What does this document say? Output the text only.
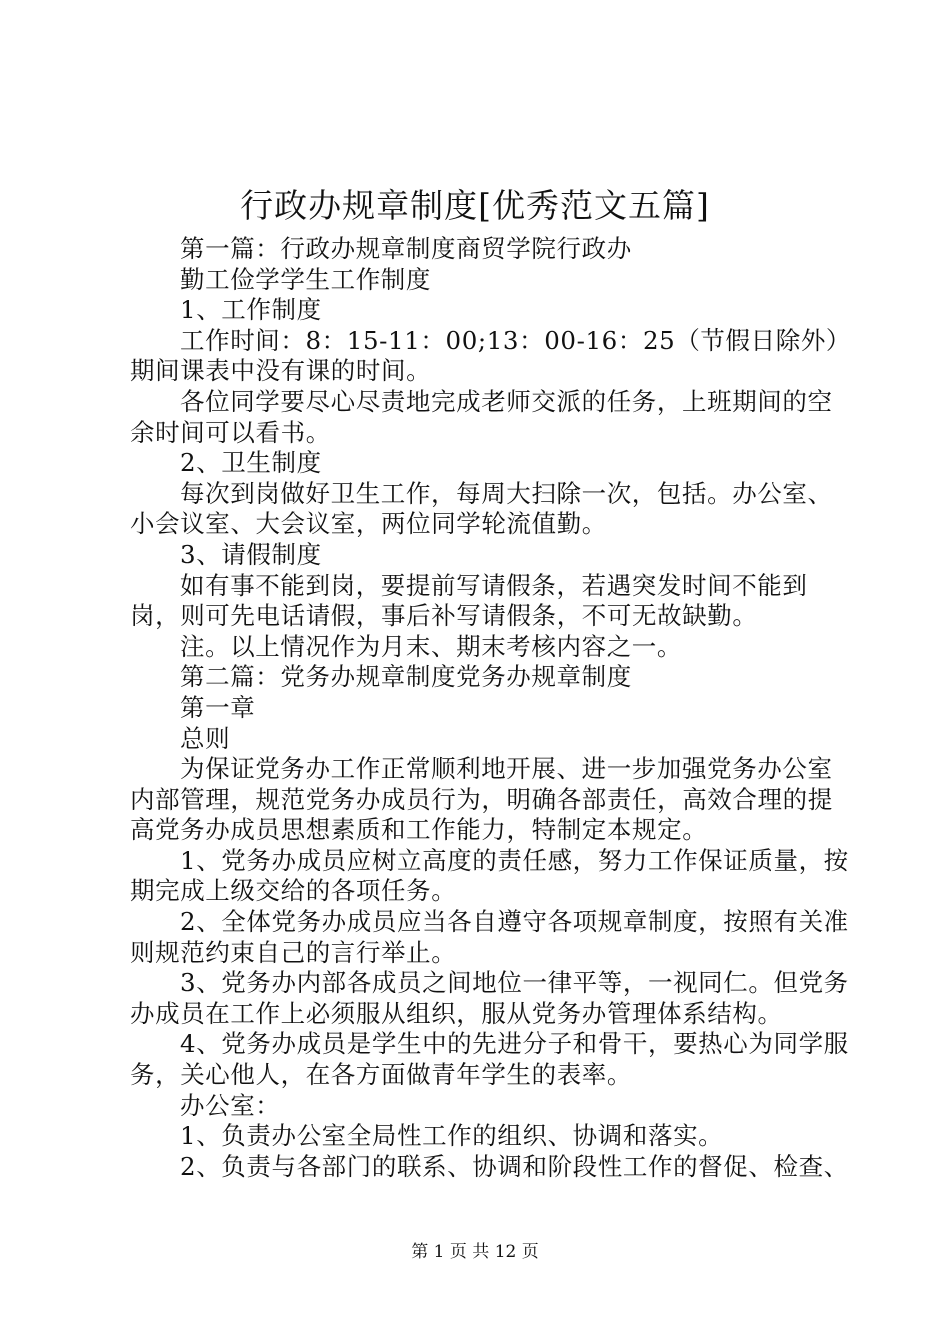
行政办规章制度[优秀范文五篇]

第一篇：行政办规章制度商贸学院行政办

勤工俭学学生工作制度

1、工作制度

工作时间：8：15-11：00;13：00-16：25（节假日除外）期间课表中没有课的时间。

各位同学要尽心尽责地完成老师交派的任务，上班期间的空余时间可以看书。

2、卫生制度

每次到岗做好卫生工作，每周大扫除一次，包括。办公室、小会议室、大会议室，两位同学轮流值勤。

3、请假制度

如有事不能到岗，要提前写请假条，若遇突发时间不能到岗，则可先电话请假，事后补写请假条，不可无故缺勤。

注。以上情况作为月末、期末考核内容之一。

第二篇：党务办规章制度党务办规章制度

第一章

总则

为保证党务办工作正常顺利地开展、进一步加强党务办公室内部管理，规范党务办成员行为，明确各部责任，高效合理的提高党务办成员思想素质和工作能力，特制定本规定。

1、党务办成员应树立高度的责任感，努力工作保证质量，按期完成上级交给的各项任务。

2、全体党务办成员应当各自遵守各项规章制度，按照有关准则规范约束自己的言行举止。

3、党务办内部各成员之间地位一律平等，一视同仁。但党务办成员在工作上必须服从组织，服从党务办管理体系结构。

4、党务办成员是学生中的先进分子和骨干，要热心为同学服务，关心他人，在各方面做青年学生的表率。

办公室：

1、负责办公室全局性工作的组织、协调和落实。

2、负责与各部门的联系、协调和阶段性工作的督促、检查、

第 1 页 共 12 页
